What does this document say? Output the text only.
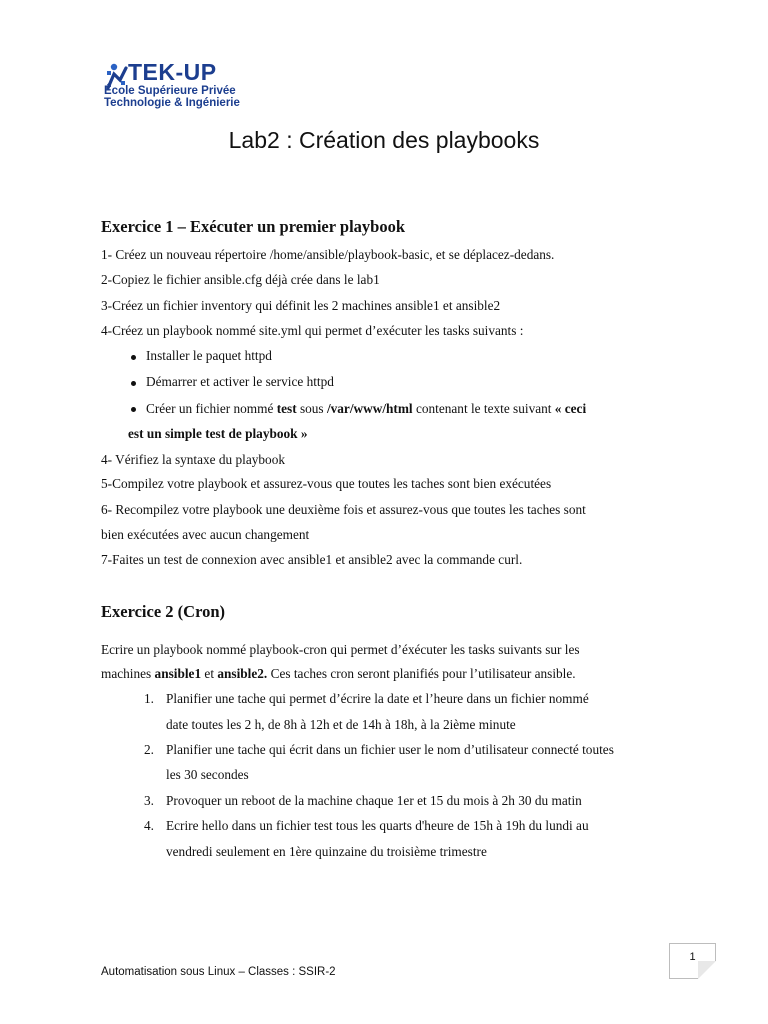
TEK-UP
École Supérieure Privée
Technologie & Ingénierie
Lab2 : Création des playbooks
Exercice 1 – Exécuter un premier playbook
1- Créez un nouveau répertoire /home/ansible/playbook-basic, et se déplacez-dedans.
2-Copiez le fichier ansible.cfg déjà crée dans le lab1
3-Créez un fichier inventory qui définit les 2 machines ansible1 et ansible2
4-Créez un playbook nommé site.yml qui permet d’exécuter les tasks suivants :
Installer le paquet httpd
Démarrer et activer le service httpd
Créer un fichier nommé test sous /var/www/html contenant le texte suivant « ceci
est un simple test de playbook »
4- Vérifiez la syntaxe du playbook
5-Compilez votre playbook et assurez-vous que toutes les taches sont bien exécutées
6- Recompilez votre playbook une deuxième fois et assurez-vous que toutes les taches sont
bien exécutées avec aucun changement
7-Faites un test de connexion avec ansible1 et ansible2 avec la commande curl.
Exercice 2 (Cron)
Ecrire un playbook nommé playbook-cron qui permet d’éxécuter les tasks suivants sur les
machines ansible1 et ansible2. Ces taches cron seront planifiés pour l’utilisateur ansible.
1. Planifier une tache qui permet d’écrire la date et l’heure dans un fichier nommé
date toutes les 2 h, de 8h à 12h et de 14h à 18h, à la 2ième minute
2. Planifier une tache qui écrit dans un fichier user le nom d’utilisateur connecté toutes
les 30 secondes
3. Provoquer un reboot de la machine chaque 1er et 15 du mois à 2h 30 du matin
4. Ecrire hello dans un fichier test tous les quarts d'heure de 15h à 19h du lundi au
vendredi seulement en 1ère quinzaine du troisième trimestre
1
Automatisation sous Linux – Classes : SSIR-2
